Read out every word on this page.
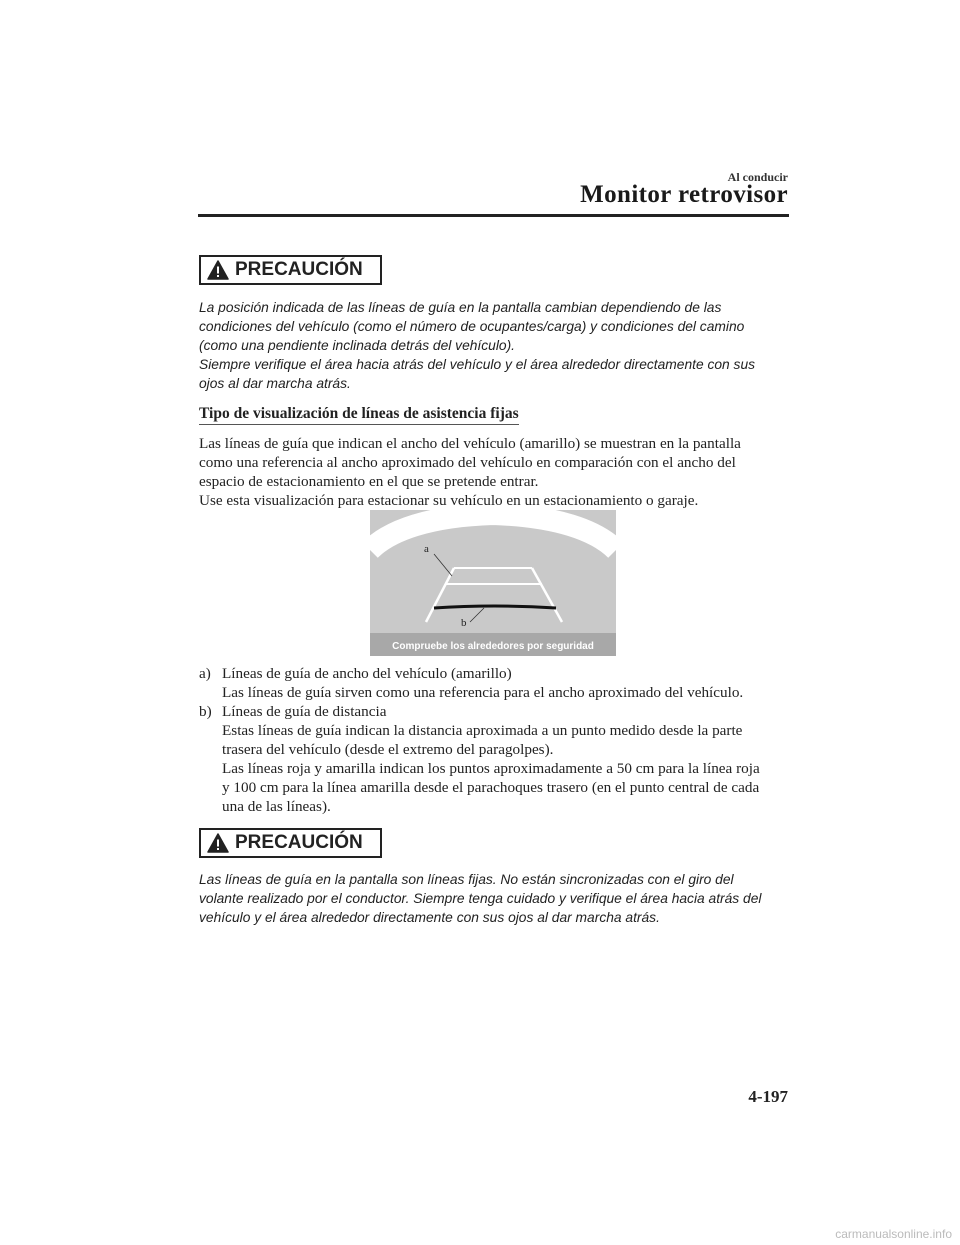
Al conducir
Monitor retrovisor
PRECAUCIÓN

La posición indicada de las líneas de guía en la pantalla cambian dependiendo de las

condiciones del vehículo (como el número de ocupantes/carga) y condiciones del camino

(como una pendiente inclinada detrás del vehículo).

Siempre verifique el área hacia atrás del vehículo y el área alrededor directamente con sus

ojos al dar marcha atrás.

Tipo de visualización de líneas de asistencia fijas

Las líneas de guía que indican el ancho del vehículo (amarillo) se muestran en la pantalla

como una referencia al ancho aproximado del vehículo en comparación con el ancho del

espacio de estacionamiento en el que se pretende entrar.

Use esta visualización para estacionar su vehículo en un estacionamiento o garaje.

a
b
Compruebe los alrededores por seguridad
a) Líneas de guía de ancho del vehículo (amarillo)

Las líneas de guía sirven como una referencia para el ancho aproximado del vehículo.

b) Líneas de guía de distancia

Estas líneas de guía indican la distancia aproximada a un punto medido desde la parte

trasera del vehículo (desde el extremo del paragolpes).

Las líneas roja y amarilla indican los puntos aproximadamente a 50 cm para la línea roja

y 100 cm para la línea amarilla desde el parachoques trasero (en el punto central de cada

una de las líneas).

PRECAUCIÓN

Las líneas de guía en la pantalla son líneas fijas. No están sincronizadas con el giro del

volante realizado por el conductor. Siempre tenga cuidado y verifique el área hacia atrás del

vehículo y el área alrededor directamente con sus ojos al dar marcha atrás.

4-197
carmanualsonline.info
